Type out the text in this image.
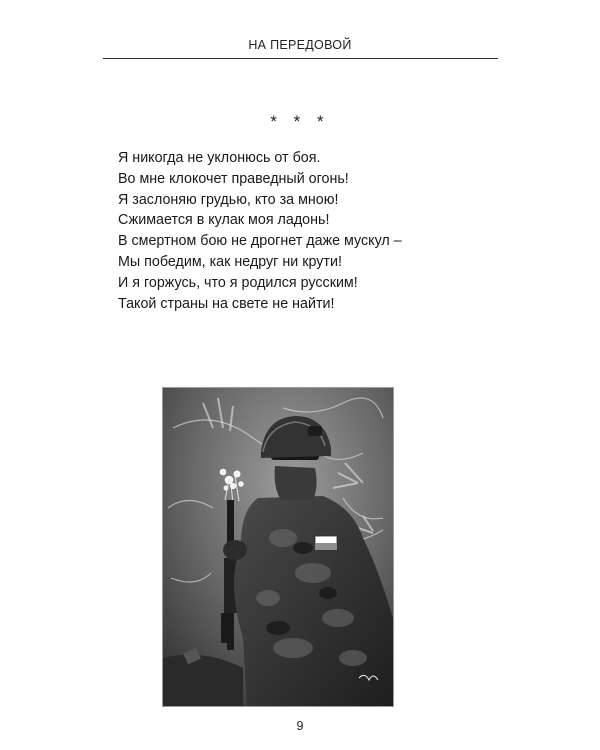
НА ПЕРЕДОВОЙ
* * *
Я никогда не уклонюсь от боя.
Во мне клокочет праведный огонь!
Я заслоняю грудью, кто за мною!
Сжимается в кулак моя ладонь!
В смертном бою не дрогнет даже мускул –
Мы победим, как недруг ни крути!
И я горжусь, что я родился русским!
Такой страны на свете не найти!
9
